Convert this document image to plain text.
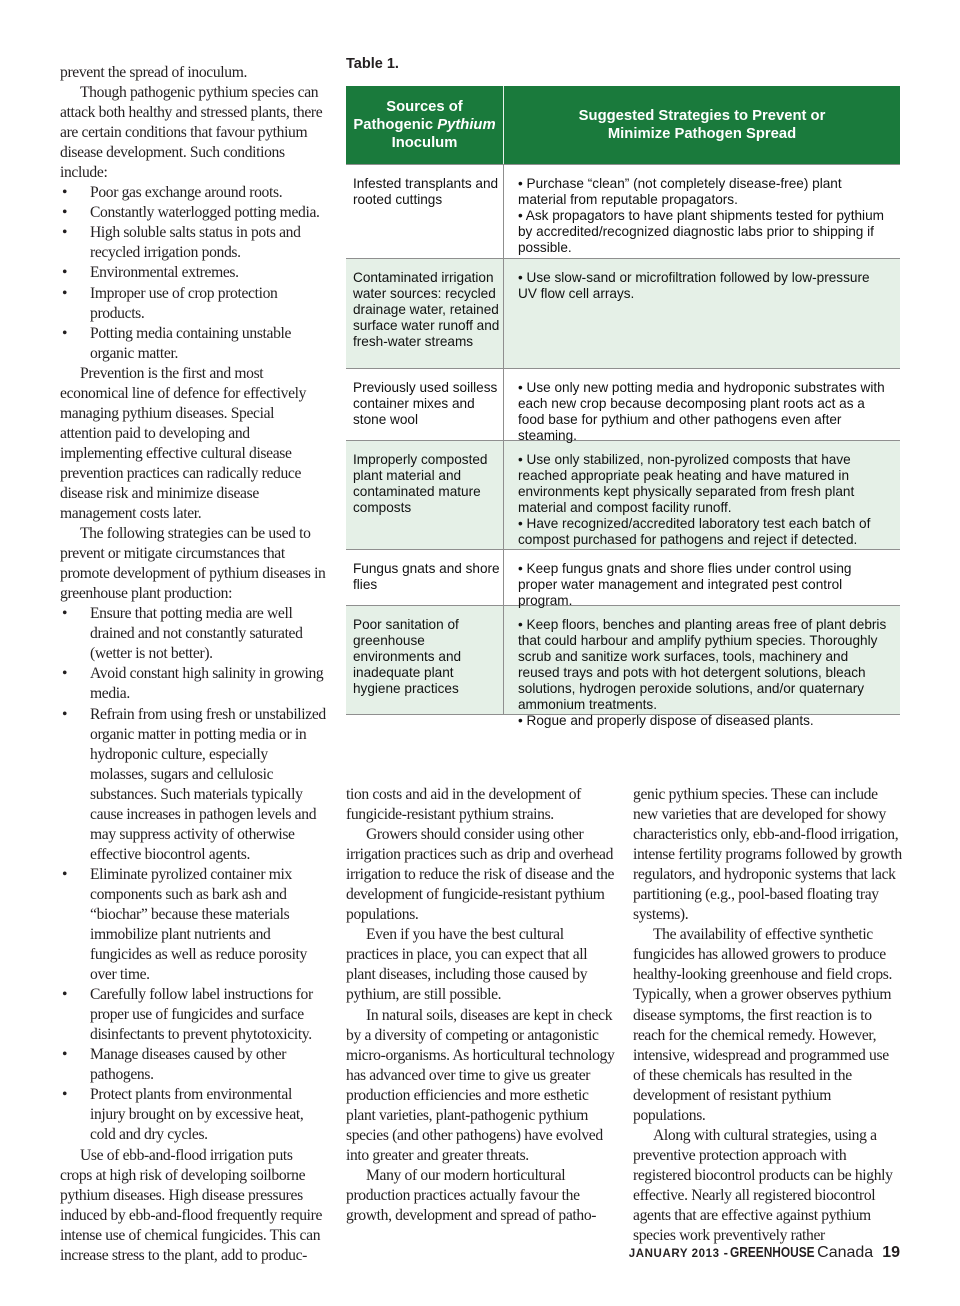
prevent the spread of inoculum.

Though pathogenic pythium species can attack both healthy and stressed plants, there are certain conditions that favour pythium disease development. Such conditions include:

• Poor gas exchange around roots.
• Constantly waterlogged potting media.
• High soluble salts status in pots and recycled irrigation ponds.
• Environmental extremes.
• Improper use of crop protection products.
• Potting media containing unstable organic matter.

Prevention is the first and most economical line of defence for effectively managing pythium diseases. Special attention paid to developing and implementing effective cultural disease prevention practices can radically reduce disease risk and minimize disease management costs later.

The following strategies can be used to prevent or mitigate circumstances that promote development of pythium diseases in greenhouse plant production:

• Ensure that potting media are well drained and not constantly saturated (wetter is not better).
• Avoid constant high salinity in growing media.
• Refrain from using fresh or unstabilized organic matter in potting media or in hydroponic culture, especially molasses, sugars and cellulosic substances. Such materials typically cause increases in pathogen levels and may suppress activity of otherwise effective biocontrol agents.
• Eliminate pyrolized container mix components such as bark ash and “biochar” because these materials immobilize plant nutrients and fungicides as well as reduce porosity over time.
• Carefully follow label instructions for proper use of fungicides and surface disinfectants to prevent phytotoxicity.
• Manage diseases caused by other pathogens.
• Protect plants from environmental injury brought on by excessive heat, cold and dry cycles.

Use of ebb-and-flood irrigation puts crops at high risk of developing soilborne pythium diseases. High disease pressures induced by ebb-and-flood frequently require intense use of chemical fungicides. This can increase stress to the plant, add to produc-

Table 1.
Sources of
Pathogenic Pythium
Inoculum
Suggested Strategies to Prevent or Minimize Pathogen Spread
Infested transplants and rooted cuttings
• Purchase “clean” (not completely disease-free) plant material from reputable propagators.
• Ask propagators to have plant shipments tested for pythium by accredited/recognized diagnostic labs prior to shipping if possible.
Contaminated irrigation water sources: recycled drainage water, retained surface water runoff and fresh-water streams
• Use slow-sand or microfiltration followed by low-pressure UV flow cell arrays.
Previously used soilless container mixes and stone wool
• Use only new potting media and hydroponic substrates with each new crop because decomposing plant roots act as a food base for pythium and other pathogens even after steaming.
Improperly composted plant material and contaminated mature composts
• Use only stabilized, non-pyrolized composts that have reached appropriate peak heating and have matured in environments kept physically separated from fresh plant material and compost facility runoff.
• Have recognized/accredited laboratory test each batch of compost purchased for pathogens and reject if detected.
Fungus gnats and shore flies
• Keep fungus gnats and shore flies under control using proper water management and integrated pest control program.
Poor sanitation of greenhouse environments and inadequate plant hygiene practices
• Keep floors, benches and planting areas free of plant debris that could harbour and amplify pythium species. Thoroughly scrub and sanitize work surfaces, tools, machinery and reused trays and pots with hot detergent solutions, bleach solutions, hydrogen peroxide solutions, and/or quaternary ammonium treatments.
• Rogue and properly dispose of diseased plants.

tion costs and aid in the development of fungicide-resistant pythium strains.

Growers should consider using other irrigation practices such as drip and overhead irrigation to reduce the risk of disease and the development of fungicide-resistant pythium populations.

Even if you have the best cultural practices in place, you can expect that all plant diseases, including those caused by pythium, are still possible.

In natural soils, diseases are kept in check by a diversity of competing or antagonistic micro-organisms. As horticultural technology has advanced over time to give us greater production efficiencies and more esthetic plant varieties, plant-pathogenic pythium species (and other pathogens) have evolved into greater and greater threats.

Many of our modern horticultural production practices actually favour the growth, development and spread of patho-

genic pythium species. These can include new varieties that are developed for showy characteristics only, ebb-and-flood irrigation, intense fertility programs followed by growth regulators, and hydroponic systems that lack partitioning (e.g., pool-based floating tray systems).

The availability of effective synthetic fungicides has allowed growers to produce healthy-looking greenhouse and field crops. Typically, when a grower observes pythium disease symptoms, the first reaction is to reach for the chemical remedy. However, intensive, widespread and programmed use of these chemicals has resulted in the development of resistant pythium populations.

Along with cultural strategies, using a preventive protection approach with registered biocontrol products can be highly effective. Nearly all registered biocontrol agents that are effective against pythium species work preventively rather

JANUARY 2013 - GREENHOUSE Canada 19
